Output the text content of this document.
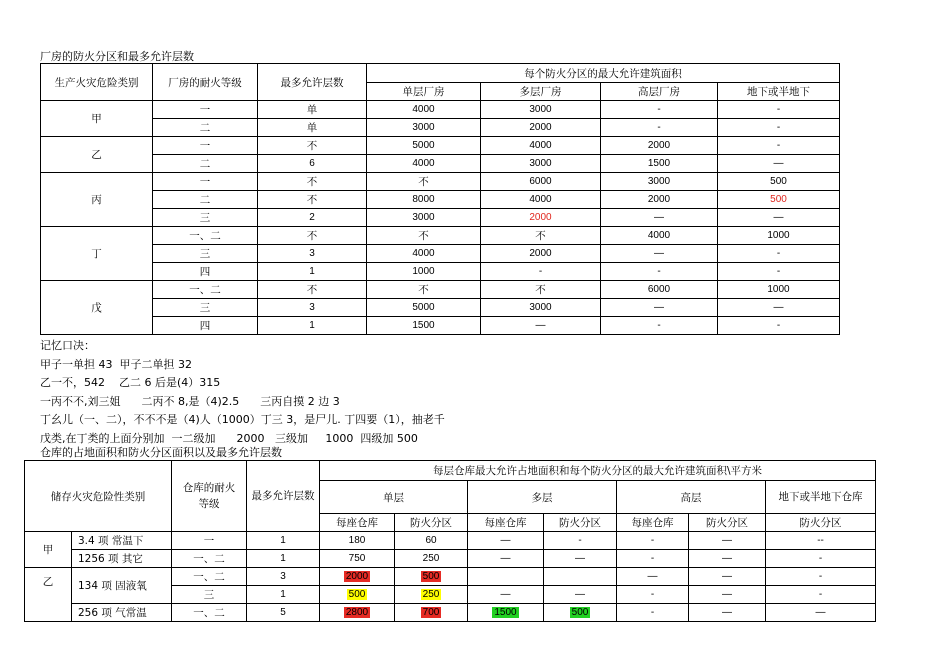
厂房的防火分区和最多允许层数
生产火灾危险类别	厂房的耐火等级	最多允许层数	每个防火分区的最大允许建筑面积			
			单层厂房	多层厂房	高层厂房	地下或半地下
甲	一	单	4000	3000	-	-
	二	单	3000	2000	-	-
乙	一	不	5000	4000	2000	-
	二	6	4000	3000	1500	—
丙	一	不	不	6000	3000	500
	二	不	8000	4000	2000	500
	三	2	3000	2000	—	—
丁	一、二	不	不	不	4000	1000
	三	3	4000	2000	—	-
	四	1	1000	-	-	-
戊	一、二	不	不	不	6000	1000
	三	3	5000	3000	—	—
	四	1	1500	—	-	-
记忆口决：
甲子一单担 43  甲子二单担 32
乙一不，542    乙二 6 后是(4）315
一丙不不,刘三姐      二丙不 8,是（4)2.5      三丙自摸 2 边 3
丁幺儿（一、二），不不不是（4)人（1000）丁三 3，是尸儿. 丁四要（1），抽老千
戊类,在丁类的上面分别加  一二级加      2000   三级加     1000  四级加 500
仓库的占地面积和防火分区面积以及最多允许层数
储存火灾危险性类别		仓库的耐火等级	最多允许层数	每层仓库最大允许占地面积和每个防火分区的最大允许建筑面积\平方米						
				单层		多层		高层		地下或半地下仓库
				每座仓库	防火分区	每座仓库	防火分区	每座仓库	防火分区	防火分区
甲	3.4 项 常温下	一	1	180	60	—	-	-	—	--
	1256 项 其它	一、二	1	750	250	—	—	-	—	-
乙	134 项 固液氧	一、二	3	2000	500			—	—	-
		三	1	500	250	—	—	-	—	-
	256 项 气常温	一、二	5	2800	700	1500	500	-	—	—
